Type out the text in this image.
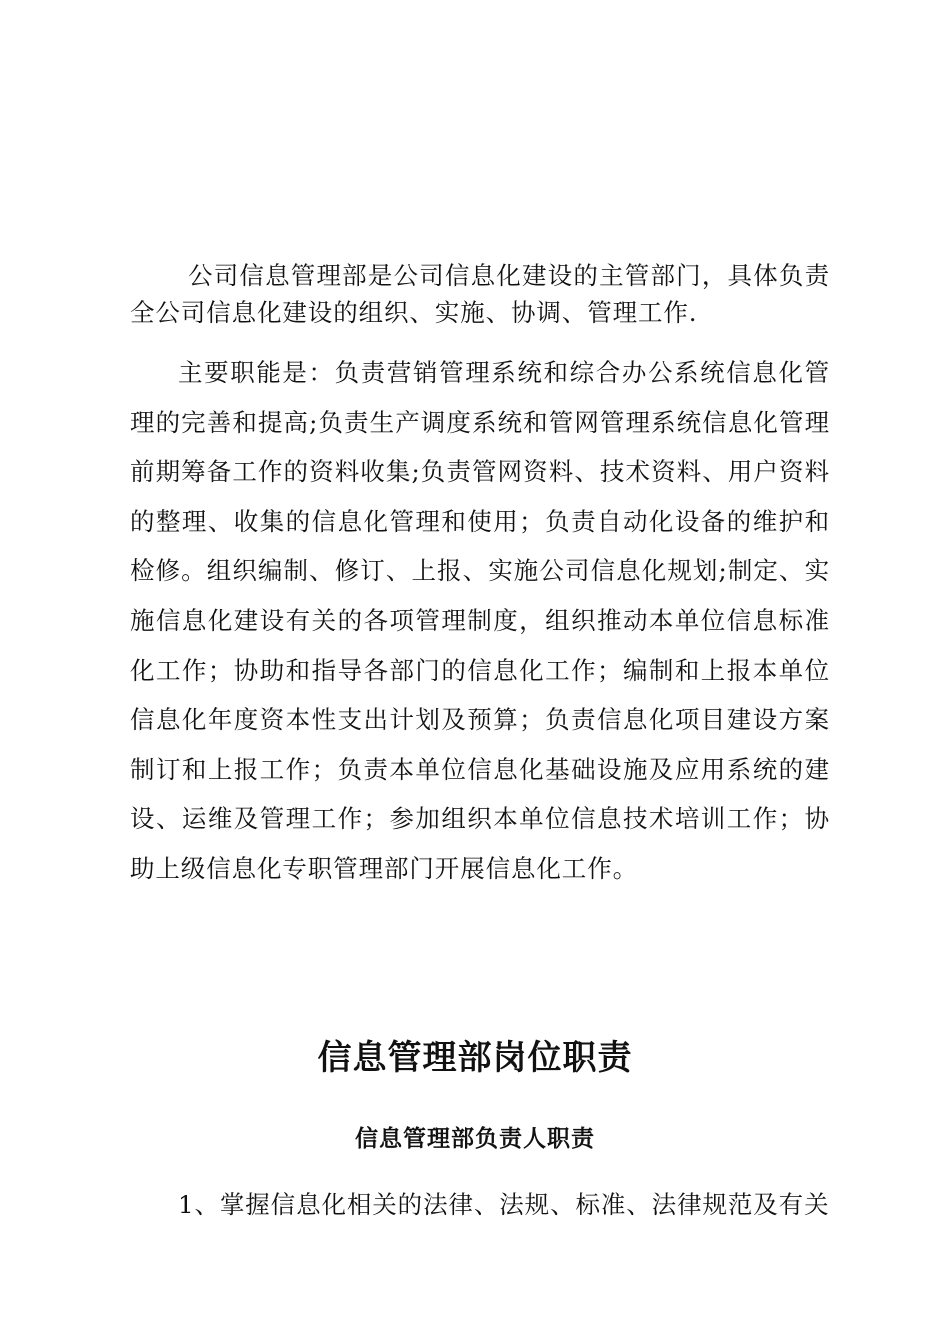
公司信息管理部是公司信息化建设的主管部门，具体负责全公司信息化建设的组织、实施、协调、管理工作.

主要职能是：负责营销管理系统和综合办公系统信息化管理的完善和提高;负责生产调度系统和管网管理系统信息化管理前期筹备工作的资料收集;负责管网资料、技术资料、用户资料的整理、收集的信息化管理和使用；负责自动化设备的维护和检修。组织编制、修订、上报、实施公司信息化规划;制定、实施信息化建设有关的各项管理制度，组织推动本单位信息标准化工作；协助和指导各部门的信息化工作；编制和上报本单位信息化年度资本性支出计划及预算；负责信息化项目建设方案制订和上报工作；负责本单位信息化基础设施及应用系统的建设、运维及管理工作；参加组织本单位信息技术培训工作；协助上级信息化专职管理部门开展信息化工作。

信息管理部岗位职责
信息管理部负责人职责

1、掌握信息化相关的法律、法规、标准、法律规范及有关
